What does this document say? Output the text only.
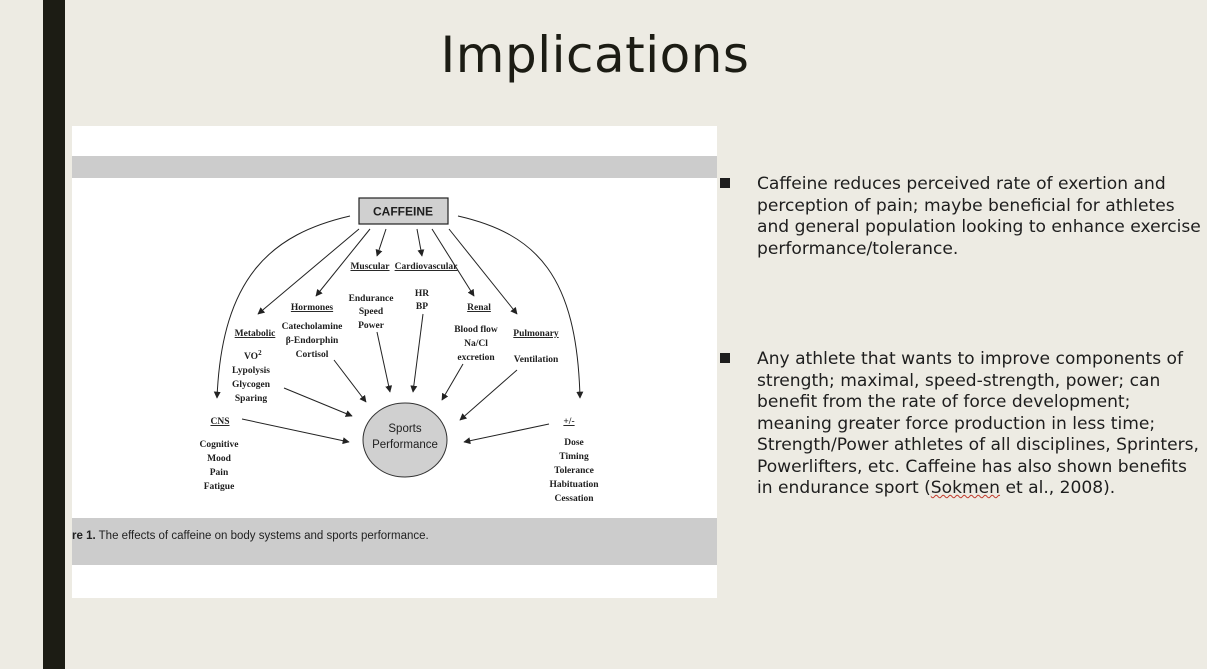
Implications
re 1. The effects of caffeine on body systems and sports performance.
CAFFEINE
Sports
Performance
Muscular
Endurance
Speed
Power
Cardiovascular
HR
BP
Hormones
Catecholamine
β-Endorphin
Cortisol
Renal
Blood flow
Na/Cl
excretion
Metabolic
$VO^2$
Lypolysis
Glycogen
Sparing
Pulmonary
Ventilation
CNS
Cognitive
Mood
Pain
Fatigue
+/-
Dose
Timing
Tolerance
Habituation
Cessation
Caffeine reduces perceived rate of exertion and perception of pain; maybe beneficial for athletes and general population looking to enhance exercise performance/tolerance.
Any athlete that wants to improve components of strength; maximal, speed-strength, power; can benefit from the rate of force development; meaning greater force production in less time; Strength/Power athletes of all disciplines, Sprinters, Powerlifters, etc. Caffeine has also shown benefits in endurance sport (Sokmen et al., 2008).
